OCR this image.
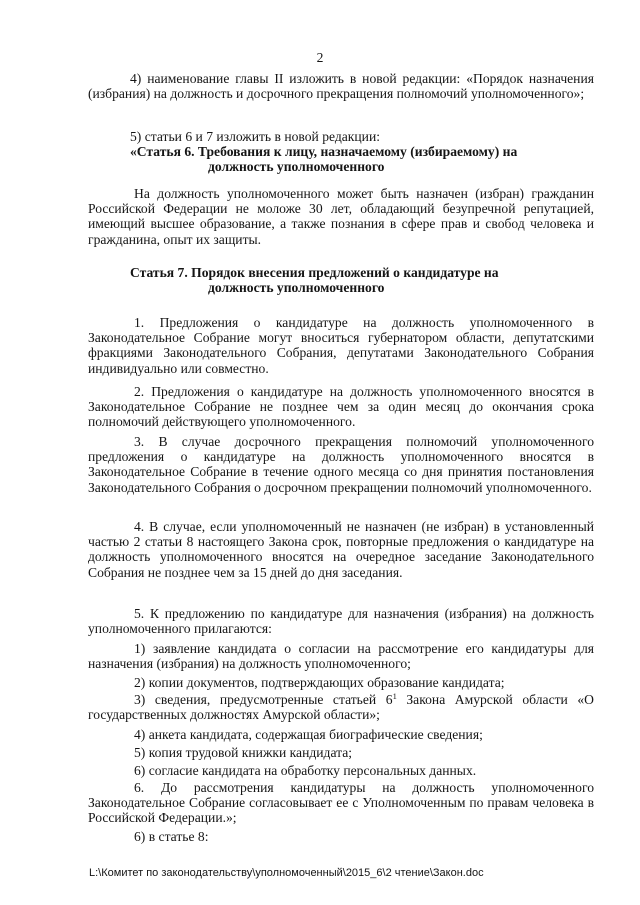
2
4) наименование главы II изложить в новой редакции: «Порядок назначения (избрания) на должность и досрочного прекращения полномочий уполномоченного»;
5) статьи 6 и 7 изложить в новой редакции:
«Статья 6. Требования к лицу, назначаемому (избираемому) на
должность уполномоченного
На должность уполномоченного может быть назначен (избран) гражданин Российской Федерации не моложе 30 лет, обладающий безупречной репутацией, имеющий высшее образование, а также познания в сфере прав и свобод человека и гражданина, опыт их защиты.
Статья 7. Порядок внесения предложений о кандидатуре на
должность уполномоченного
1. Предложения о кандидатуре на должность уполномоченного в Законодательное Собрание могут вноситься губернатором области, депутатскими фракциями Законодательного Собрания, депутатами Законодательного Собрания индивидуально или совместно.
2. Предложения о кандидатуре на должность уполномоченного вносятся в Законодательное Собрание не позднее чем за один месяц до окончания срока полномочий действующего уполномоченного.
3. В случае досрочного прекращения полномочий уполномоченного предложения о кандидатуре на должность уполномоченного вносятся в Законодательное Собрание в течение одного месяца со дня принятия постановления Законодательного Собрания о досрочном прекращении полномочий уполномоченного.
4. В случае, если уполномоченный не назначен (не избран) в установленный частью 2 статьи 8 настоящего Закона срок, повторные предложения о кандидатуре на должность уполномоченного вносятся на очередное заседание Законодательного Собрания не позднее чем за 15 дней до дня заседания.
5. К предложению по кандидатуре для назначения (избрания) на должность уполномоченного прилагаются:
1) заявление кандидата о согласии на рассмотрение его кандидатуры для назначения (избрания) на должность уполномоченного;
2) копии документов, подтверждающих образование кандидата;
3) сведения, предусмотренные статьей $6^1$ Закона Амурской области «О государственных должностях Амурской области»;
4) анкета кандидата, содержащая биографические сведения;
5) копия трудовой книжки кандидата;
6) согласие кандидата на обработку персональных данных.
6. До рассмотрения кандидатуры на должность уполномоченного Законодательное Собрание согласовывает ее с Уполномоченным по правам человека в Российской Федерации.»;
6) в статье 8:
L:\Комитет по законодательству\уполномоченный\2015_6\2 чтение\Закон.doc
